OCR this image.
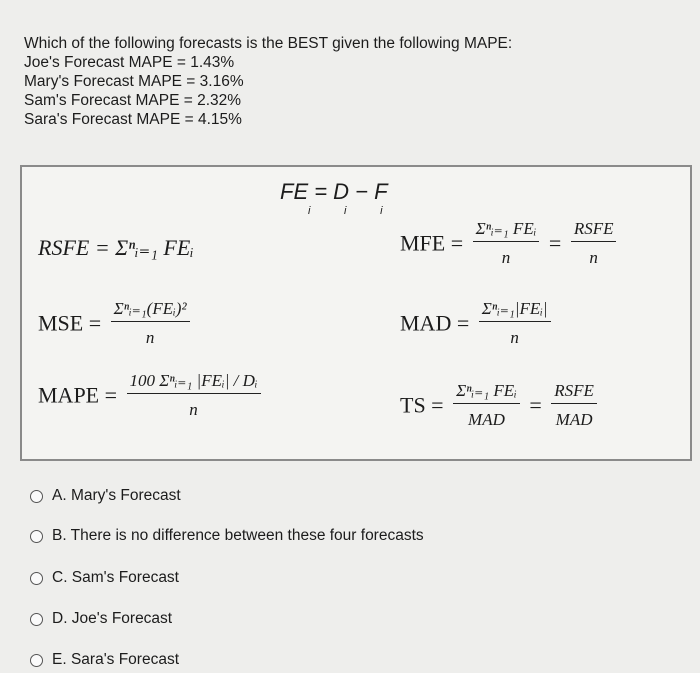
Which of the following forecasts is the BEST given the following MAPE:
Joe's Forecast MAPE = 1.43%
Mary's Forecast MAPE = 3.16%
Sam's Forecast MAPE = 2.32%
Sara's Forecast MAPE = 4.15%
FE = D − F
i           i           i
RSFE = Σⁿᵢ₌₁ FEᵢ	MFE = $\frac{\text{Σⁿᵢ₌₁ FEᵢ}}{n} = \frac{\text{RSFE}}{n}$
MSE = $\frac{\text{Σⁿᵢ₌₁(FEᵢ)²}}{n}$	MAD = $\frac{\text{Σⁿᵢ₌₁|FEᵢ|}}{n}$
MAPE = $\frac{\text{100 Σⁿᵢ₌₁ |FEᵢ| / Dᵢ}}{n}$	TS = $\frac{\text{Σⁿᵢ₌₁ FEᵢ}}{\text{MAD}} = \frac{\text{RSFE}}{\text{MAD}}$
A. Mary's Forecast
B. There is no difference between these four forecasts
C. Sam's Forecast
D. Joe's Forecast
E. Sara's Forecast
